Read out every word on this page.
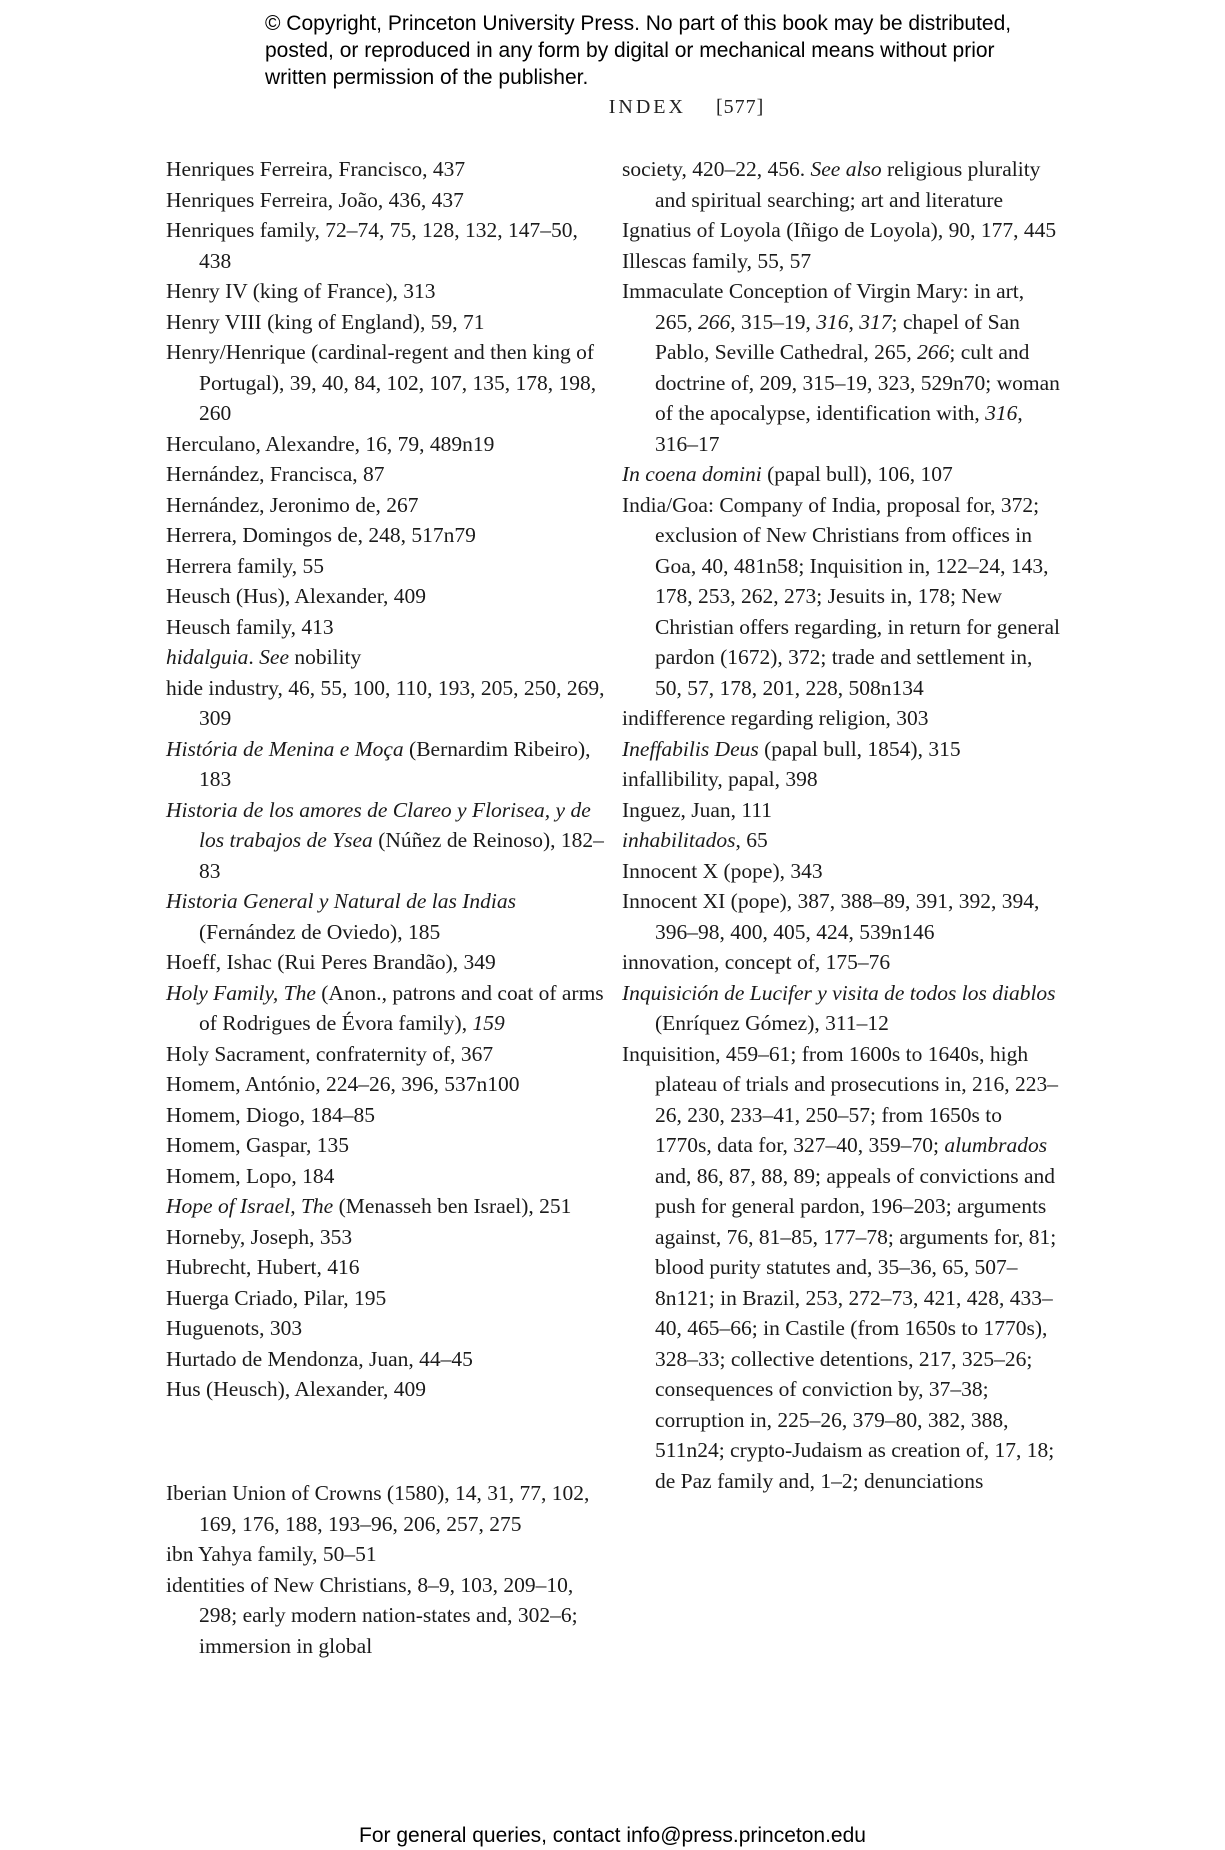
© Copyright, Princeton University Press. No part of this book may be distributed, posted, or reproduced in any form by digital or mechanical means without prior written permission of the publisher.
INDEX [577]

Henriques Ferreira, Francisco, 437

Henriques Ferreira, João, 436, 437

Henriques family, 72–74, 75, 128, 132, 147–50, 438

Henry IV (king of France), 313

Henry VIII (king of England), 59, 71

Henry/Henrique (cardinal-regent and then king of Portugal), 39, 40, 84, 102, 107, 135, 178, 198, 260

Herculano, Alexandre, 16, 79, 489n19

Hernández, Francisca, 87

Hernández, Jeronimo de, 267

Herrera, Domingos de, 248, 517n79

Herrera family, 55

Heusch (Hus), Alexander, 409

Heusch family, 413

hidalguia. See nobility

hide industry, 46, 55, 100, 110, 193, 205, 250, 269, 309

História de Menina e Moça (Bernardim Ribeiro), 183

Historia de los amores de Clareo y Florisea, y de los trabajos de Ysea (Núñez de Reinoso), 182–83

Historia General y Natural de las Indias (Fernández de Oviedo), 185

Hoeff, Ishac (Rui Peres Brandão), 349

Holy Family, The (Anon., patrons and coat of arms of Rodrigues de Évora family), 159

Holy Sacrament, confraternity of, 367

Homem, António, 224–26, 396, 537n100

Homem, Diogo, 184–85

Homem, Gaspar, 135

Homem, Lopo, 184

Hope of Israel, The (Menasseh ben Israel), 251

Horneby, Joseph, 353

Hubrecht, Hubert, 416

Huerga Criado, Pilar, 195

Huguenots, 303

Hurtado de Mendonza, Juan, 44–45

Hus (Heusch), Alexander, 409

Iberian Union of Crowns (1580), 14, 31, 77, 102, 169, 176, 188, 193–96, 206, 257, 275

ibn Yahya family, 50–51

identities of New Christians, 8–9, 103, 209–10, 298; early modern nation-states and, 302–6; immersion in global

society, 420–22, 456. See also religious plurality and spiritual searching; art and literature

Ignatius of Loyola (Iñigo de Loyola), 90, 177, 445

Illescas family, 55, 57

Immaculate Conception of Virgin Mary: in art, 265, 266, 315–19, 316, 317; chapel of San Pablo, Seville Cathedral, 265, 266; cult and doctrine of, 209, 315–19, 323, 529n70; woman of the apocalypse, identification with, 316, 316–17

In coena domini (papal bull), 106, 107

India/Goa: Company of India, proposal for, 372; exclusion of New Christians from offices in Goa, 40, 481n58; Inquisition in, 122–24, 143, 178, 253, 262, 273; Jesuits in, 178; New Christian offers regarding, in return for general pardon (1672), 372; trade and settlement in, 50, 57, 178, 201, 228, 508n134

indifference regarding religion, 303

Ineffabilis Deus (papal bull, 1854), 315

infallibility, papal, 398

Inguez, Juan, 111

inhabilitados, 65

Innocent X (pope), 343

Innocent XI (pope), 387, 388–89, 391, 392, 394, 396–98, 400, 405, 424, 539n146

innovation, concept of, 175–76

Inquisición de Lucifer y visita de todos los diablos (Enríquez Gómez), 311–12

Inquisition, 459–61; from 1600s to 1640s, high plateau of trials and prosecutions in, 216, 223–26, 230, 233–41, 250–57; from 1650s to 1770s, data for, 327–40, 359–70; alumbrados and, 86, 87, 88, 89; appeals of convictions and push for general pardon, 196–203; arguments against, 76, 81–85, 177–78; arguments for, 81; blood purity statutes and, 35–36, 65, 507–8n121; in Brazil, 253, 272–73, 421, 428, 433–40, 465–66; in Castile (from 1650s to 1770s), 328–33; collective detentions, 217, 325–26; consequences of conviction by, 37–38; corruption in, 225–26, 379–80, 382, 388, 511n24; crypto-Judaism as creation of, 17, 18; de Paz family and, 1–2; denunciations

For general queries, contact info@press.princeton.edu
